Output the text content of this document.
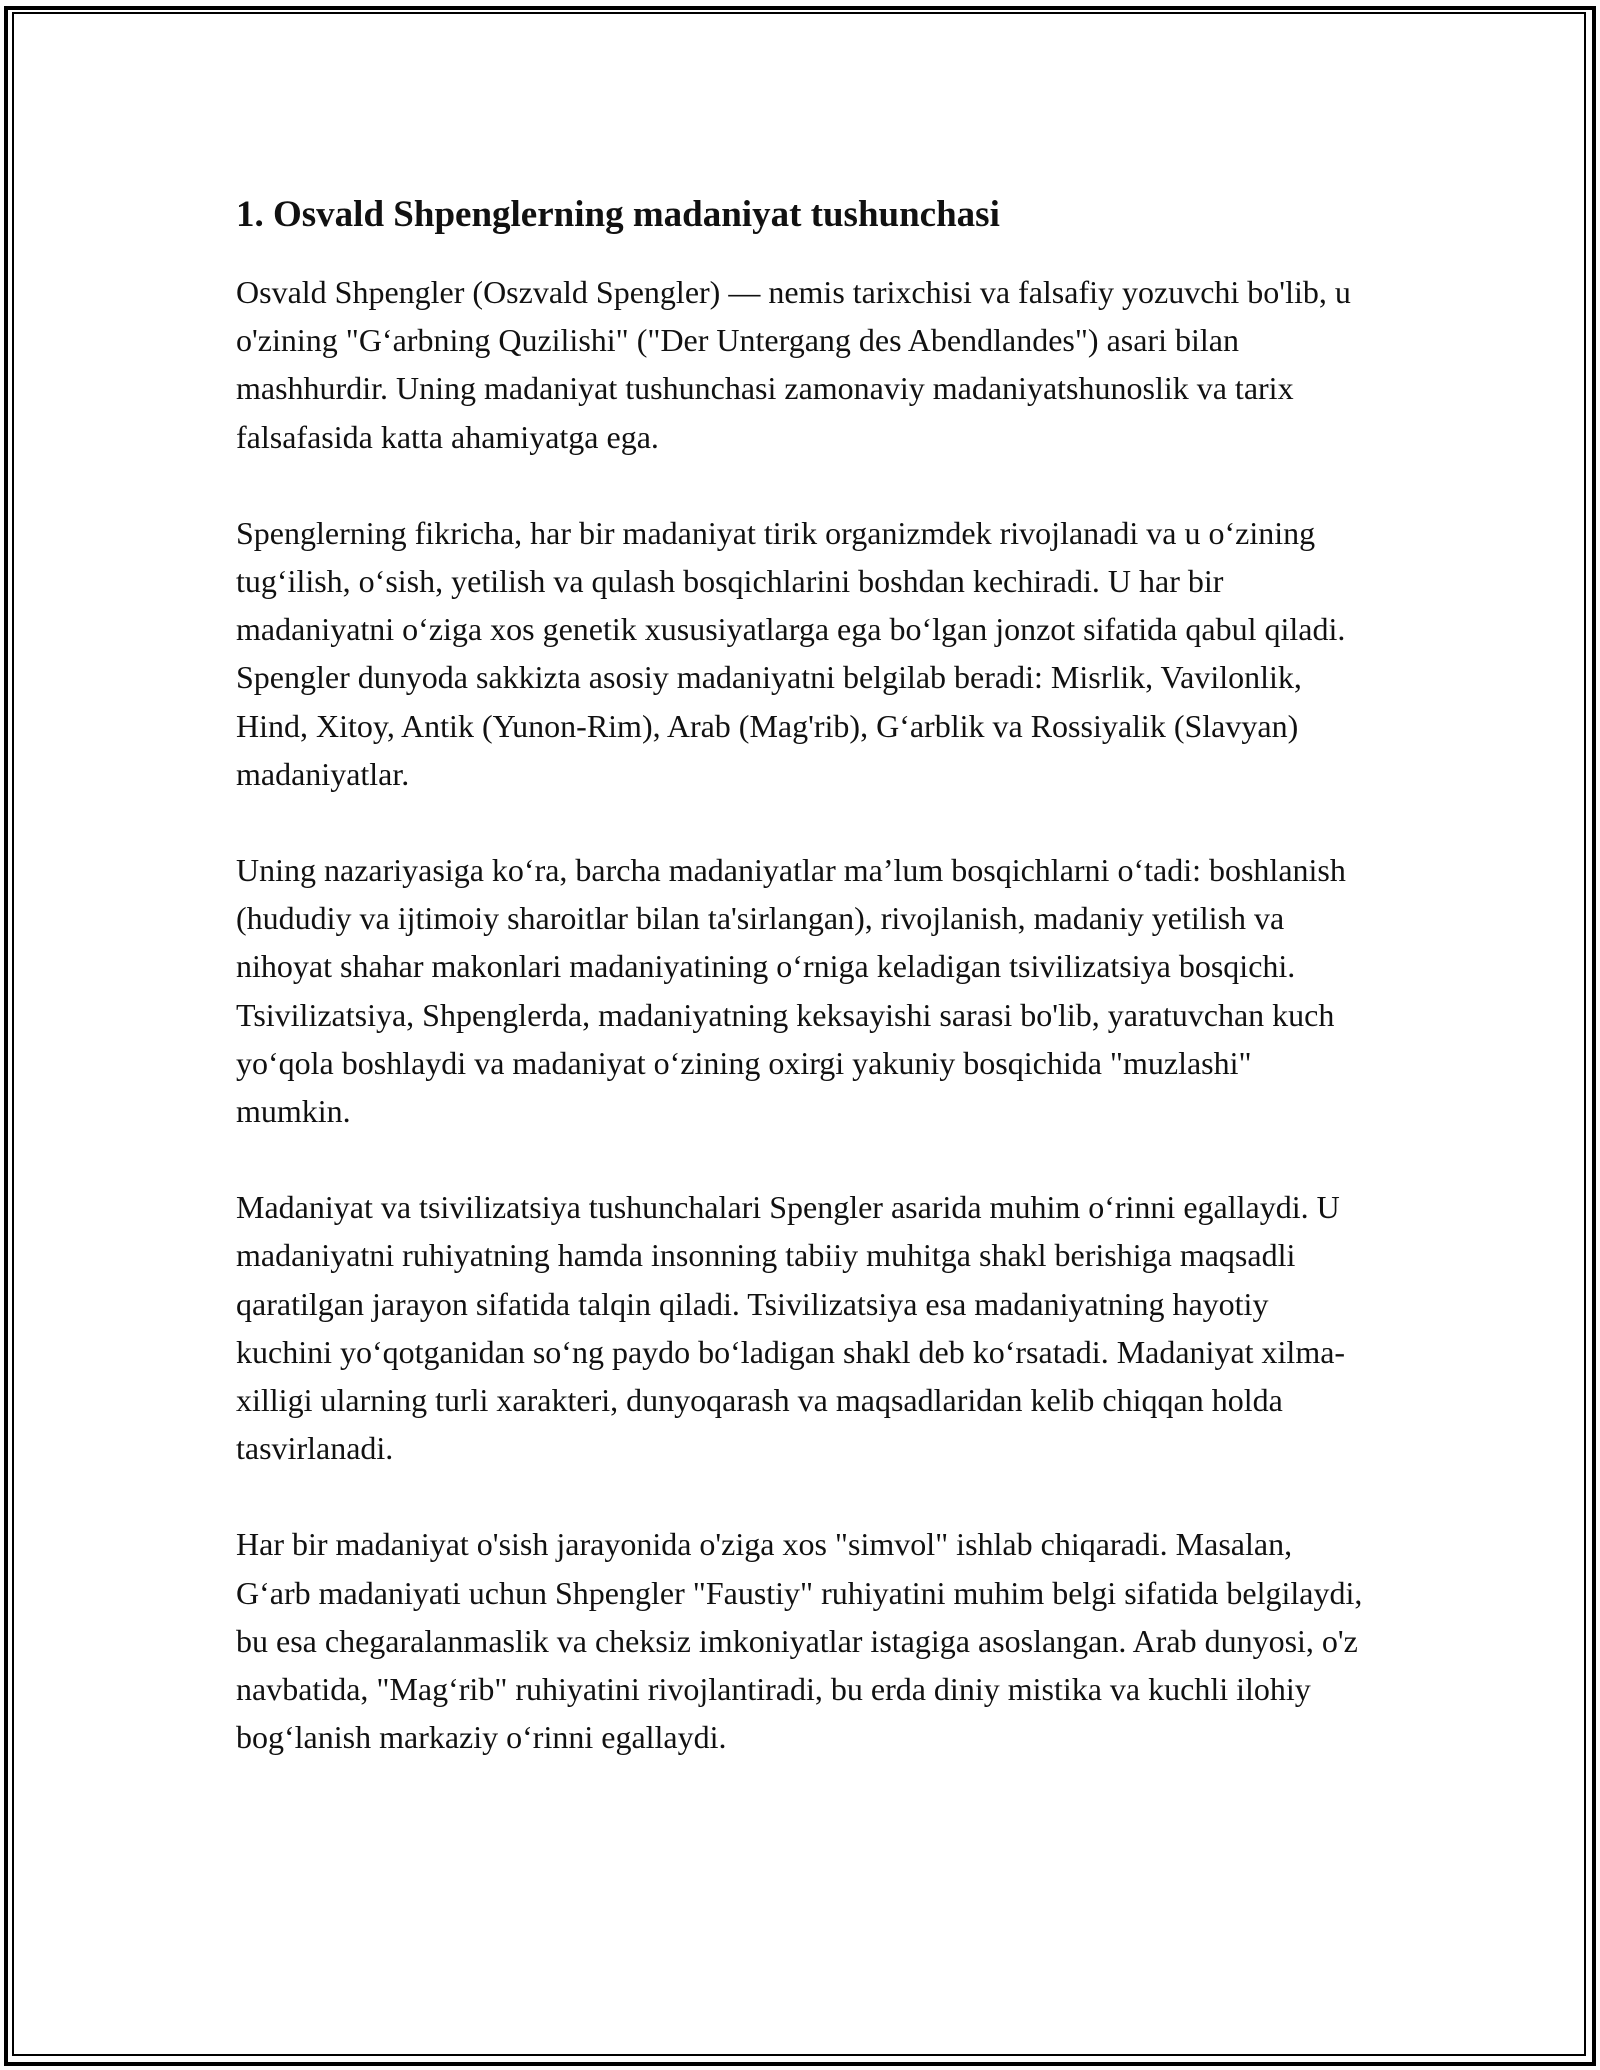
1. Osvald Shpenglerning madaniyat tushunchasi

Osvald Shpengler (Oszvald Spengler) — nemis tarixchisi va falsafiy yozuvchi bo'lib, u o'zining "G‘arbning Quzilishi" ("Der Untergang des Abendlandes") asari bilan mashhurdir. Uning madaniyat tushunchasi zamonaviy madaniyatshunoslik va tarix falsafasida katta ahamiyatga ega.

Spenglerning fikricha, har bir madaniyat tirik organizmdek rivojlanadi va u o‘zining tug‘ilish, o‘sish, yetilish va qulash bosqichlarini boshdan kechiradi. U har bir madaniyatni o‘ziga xos genetik xususiyatlarga ega bo‘lgan jonzot sifatida qabul qiladi. Spengler dunyoda sakkizta asosiy madaniyatni belgilab beradi: Misrlik, Vavilonlik, Hind, Xitoy, Antik (Yunon-Rim), Arab (Mag'rib), G‘arblik va Rossiyalik (Slavyan) madaniyatlar.

Uning nazariyasiga ko‘ra, barcha madaniyatlar ma’lum bosqichlarni o‘tadi: boshlanish (hududiy va ijtimoiy sharoitlar bilan ta'sirlangan), rivojlanish, madaniy yetilish va nihoyat shahar makonlari madaniyatining o‘rniga keladigan tsivilizatsiya bosqichi. Tsivilizatsiya, Shpenglerda, madaniyatning keksayishi sarasi bo'lib, yaratuvchan kuch yo‘qola boshlaydi va madaniyat o‘zining oxirgi yakuniy bosqichida "muzlashi" mumkin.

Madaniyat va tsivilizatsiya tushunchalari Spengler asarida muhim o‘rinni egallaydi. U madaniyatni ruhiyatning hamda insonning tabiiy muhitga shakl berishiga maqsadli qaratilgan jarayon sifatida talqin qiladi. Tsivilizatsiya esa madaniyatning hayotiy kuchini yo‘qotganidan so‘ng paydo bo‘ladigan shakl deb ko‘rsatadi. Madaniyat xilma-xilligi ularning turli xarakteri, dunyoqarash va maqsadlaridan kelib chiqqan holda tasvirlanadi.

Har bir madaniyat o'sish jarayonida o'ziga xos "simvol" ishlab chiqaradi. Masalan, G‘arb madaniyati uchun Shpengler "Faustiy" ruhiyatini muhim belgi sifatida belgilaydi, bu esa chegaralanmaslik va cheksiz imkoniyatlar istagiga asoslangan. Arab dunyosi, o'z navbatida, "Mag‘rib" ruhiyatini rivojlantiradi, bu erda diniy mistika va kuchli ilohiy bog‘lanish markaziy o‘rinni egallaydi.
